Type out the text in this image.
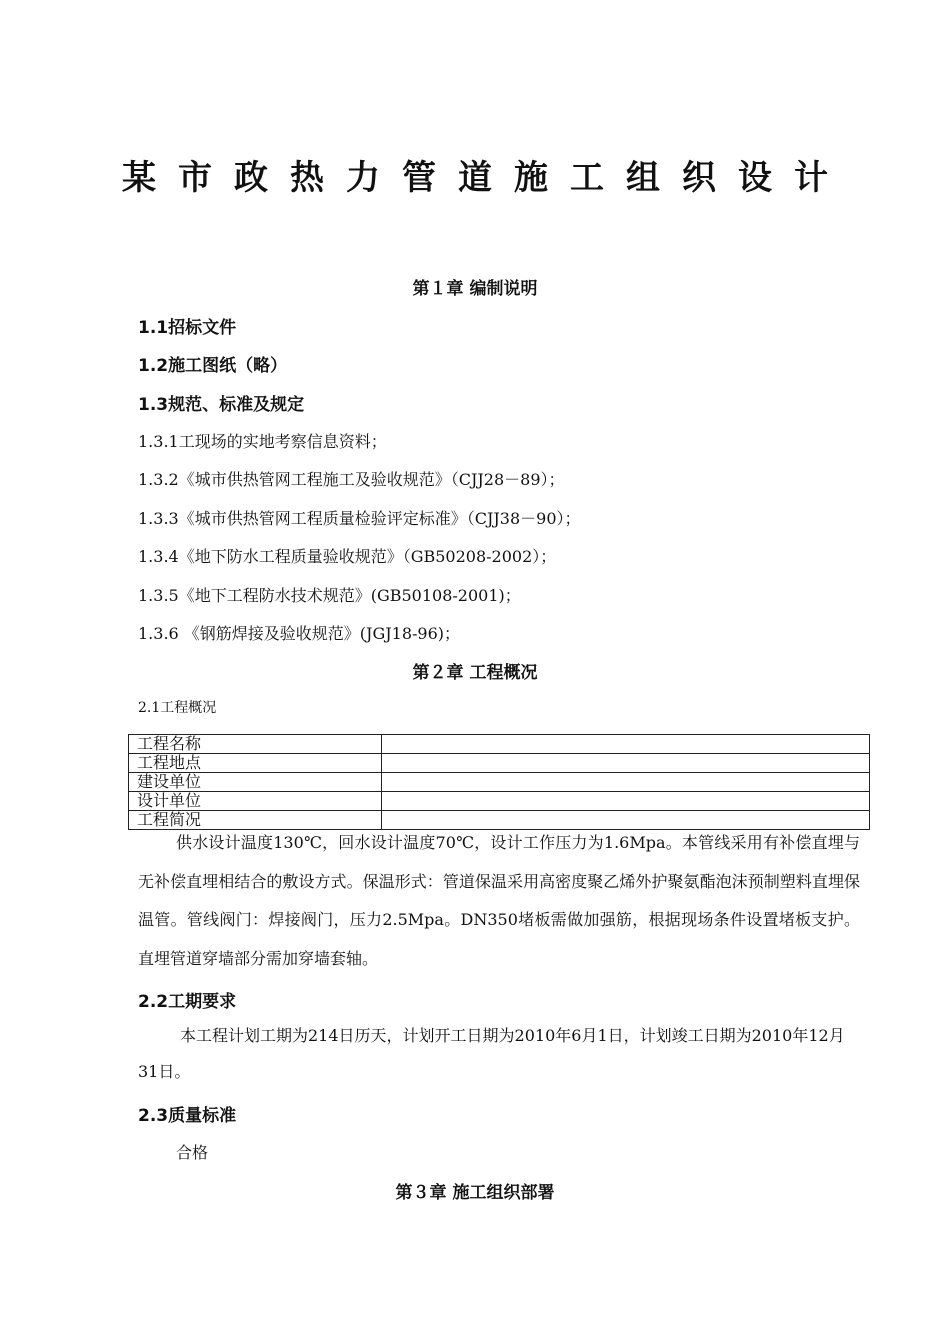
某市政热力管道施工组织设计
第１章 编制说明
1.1招标文件
1.2施工图纸（略）
1.3规范、标准及规定
1.3.1工现场的实地考察信息资料；
1.3.2《城市供热管网工程施工及验收规范》（CJJ28－89）；
1.3.3《城市供热管网工程质量检验评定标准》（CJJ38－90）；
1.3.4《地下防水工程质量验收规范》（GB50208-2002）；
1.3.5《地下工程防水技术规范》(GB50108-2001)；
1.3.6 《钢筋焊接及验收规范》(JGJ18-96)；
第２章 工程概况
2.1工程概况
工程名称	
工程地点	
建设单位	
设计单位	
工程简况	
供水设计温度130℃，回水设计温度70℃，设计工作压力为1.6Mpa。本管线采用有补偿直埋与无补偿直埋相结合的敷设方式。保温形式：管道保温采用高密度聚乙烯外护聚氨酯泡沫预制塑料直埋保温管。管线阀门：焊接阀门，压力2.5Mpa。DN350堵板需做加强筋，根据现场条件设置堵板支护。直埋管道穿墙部分需加穿墙套轴。
2.2工期要求
本工程计划工期为214日历天，计划开工日期为2010年6月1日，计划竣工日期为2010年12月31日。
2.3质量标准
合格
第３章 施工组织部署
